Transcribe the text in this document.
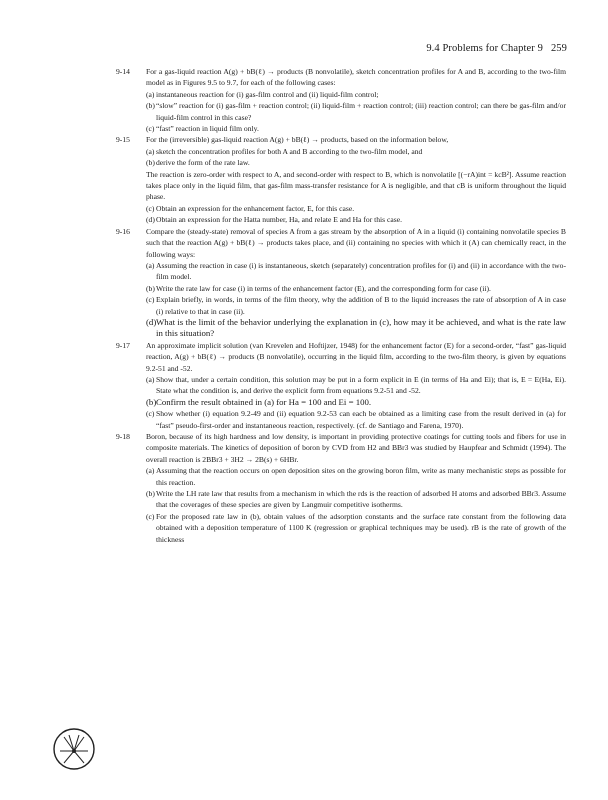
9.4 Problems for Chapter 9 259
9-14 For a gas-liquid reaction A(g) + bB(ℓ) → products (B nonvolatile), sketch concentration profiles for A and B, according to the two-film model as in Figures 9.5 to 9.7, for each of the following cases:
(a) instantaneous reaction for (i) gas-film control and (ii) liquid-film control;
(b) “slow” reaction for (i) gas-film + reaction control; (ii) liquid-film + reaction control; (iii) reaction control; can there be gas-film and/or liquid-film control in this case?
(c) “fast” reaction in liquid film only.
9-15 For the (irreversible) gas-liquid reaction A(g) + bB(ℓ) → products, based on the information below,
(a) sketch the concentration profiles for both A and B according to the two-film model, and
(b) derive the form of the rate law.
The reaction is zero-order with respect to A, and second-order with respect to B, which is nonvolatile [(−rA)int = kcB²]. Assume reaction takes place only in the liquid film, that gas-film mass-transfer resistance for A is negligible, and that cB is uniform throughout the liquid phase.
(c) Obtain an expression for the enhancement factor, E, for this case.
(d) Obtain an expression for the Hatta number, Ha, and relate E and Ha for this case.
9-16 Compare the (steady-state) removal of species A from a gas stream by the absorption of A in a liquid (i) containing nonvolatile species B such that the reaction A(g) + bB(ℓ) → products takes place, and (ii) containing no species with which it (A) can chemically react, in the following ways:
(a) Assuming the reaction in case (i) is instantaneous, sketch (separately) concentration profiles for (i) and (ii) in accordance with the two-film model.
(b) Write the rate law for case (i) in terms of the enhancement factor (E), and the corresponding form for case (ii).
(c) Explain briefly, in words, in terms of the film theory, why the addition of B to the liquid increases the rate of absorption of A in case (i) relative to that in case (ii).
(d) What is the limit of the behavior underlying the explanation in (c), how may it be achieved, and what is the rate law in this situation?
9-17 An approximate implicit solution (van Krevelen and Hoftijzer, 1948) for the enhancement factor (E) for a second-order, “fast” gas-liquid reaction, A(g) + bB(ℓ) → products (B nonvolatile), occurring in the liquid film, according to the two-film theory, is given by equations 9.2-51 and -52.
(a) Show that, under a certain condition, this solution may be put in a form explicit in E (in terms of Ha and Ei); that is, E = E(Ha, Ei). State what the condition is, and derive the explicit form from equations 9.2-51 and -52.
(b) Confirm the result obtained in (a) for Ha = 100 and Ei = 100.
(c) Show whether (i) equation 9.2-49 and (ii) equation 9.2-53 can each be obtained as a limiting case from the result derived in (a) for “fast” pseudo-first-order and instantaneous reaction, respectively. (cf. de Santiago and Farena, 1970).
9-18 Boron, because of its high hardness and low density, is important in providing protective coatings for cutting tools and fibers for use in composite materials. The kinetics of deposition of boron by CVD from H2 and BBr3 was studied by Haupfear and Schmidt (1994). The overall reaction is 2BBr3 + 3H2 → 2B(s) + 6HBr.
(a) Assuming that the reaction occurs on open deposition sites on the growing boron film, write as many mechanistic steps as possible for this reaction.
(b) Write the LH rate law that results from a mechanism in which the rds is the reaction of adsorbed H atoms and adsorbed BBr3. Assume that the coverages of these species are given by Langmuir competitive isotherms.
(c) For the proposed rate law in (b), obtain values of the adsorption constants and the surface rate constant from the following data obtained with a deposition temperature of 1100 K (regression or graphical techniques may be used). rB is the rate of growth of the thickness
